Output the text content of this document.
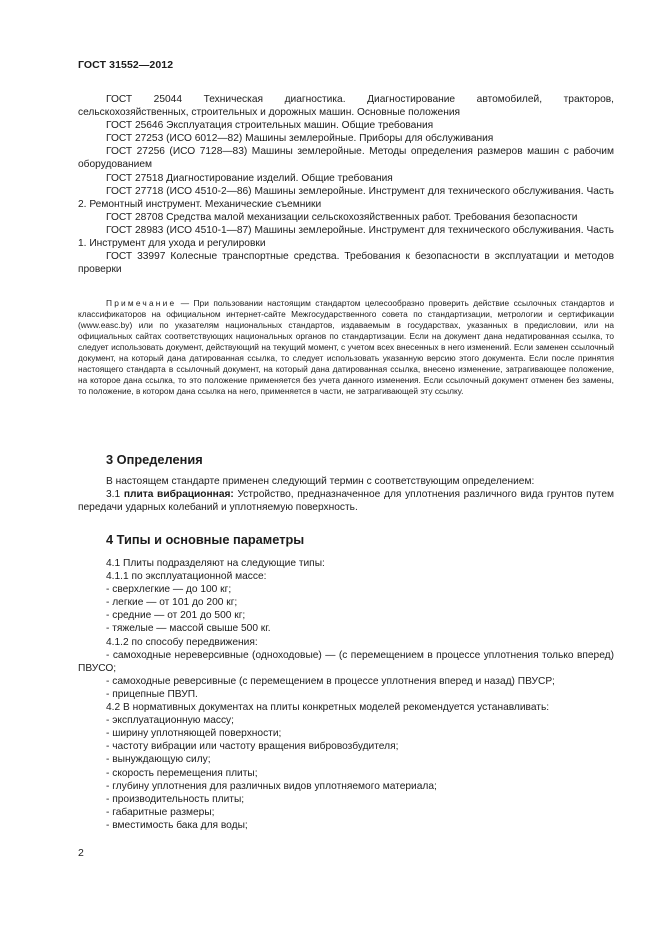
ГОСТ 31552—2012

ГОСТ 25044 Техническая диагностика. Диагностирование автомобилей, тракторов, сельскохозяйственных, строительных и дорожных машин. Основные положения

ГОСТ 25646 Эксплуатация строительных машин. Общие требования

ГОСТ 27253 (ИСО 6012—82) Машины землеройные. Приборы для обслуживания

ГОСТ 27256 (ИСО 7128—83) Машины землеройные. Методы определения размеров машин с рабочим оборудованием

ГОСТ 27518 Диагностирование изделий. Общие требования

ГОСТ 27718 (ИСО 4510-2—86) Машины землеройные. Инструмент для технического обслуживания. Часть 2. Ремонтный инструмент. Механические съемники

ГОСТ 28708 Средства малой механизации сельскохозяйственных работ. Требования безопасности

ГОСТ 28983 (ИСО 4510-1—87) Машины землеройные. Инструмент для технического обслуживания. Часть 1. Инструмент для ухода и регулировки

ГОСТ 33997 Колесные транспортные средства. Требования к безопасности в эксплуатации и методов проверки

Примечание — При пользовании настоящим стандартом целесообразно проверить действие ссылочных стандартов и классификаторов на официальном интернет-сайте Межгосударственного совета по стандартизации, метрологии и сертификации (www.easc.by) или по указателям национальных стандартов, издаваемым в государствах, указанных в предисловии, или на официальных сайтах соответствующих национальных органов по стандартизации. Если на документ дана недатированная ссылка, то следует использовать документ, действующий на текущий момент, с учетом всех внесенных в него изменений. Если заменен ссылочный документ, на который дана датированная ссылка, то следует использовать указанную версию этого документа. Если после принятия настоящего стандарта в ссылочный документ, на который дана датированная ссылка, внесено изменение, затрагивающее положение, на которое дана ссылка, то это положение применяется без учета данного изменения. Если ссылочный документ отменен без замены, то положение, в котором дана ссылка на него, применяется в части, не затрагивающей эту ссылку.

3 Определения

В настоящем стандарте применен следующий термин с соответствующим определением:

3.1 плита вибрационная: Устройство, предназначенное для уплотнения различного вида грунтов путем передачи ударных колебаний и уплотняемую поверхность.

4 Типы и основные параметры

4.1 Плиты подразделяют на следующие типы:

4.1.1 по эксплуатационной массе:

- сверхлегкие — до 100 кг;

- легкие — от 101 до 200 кг;

- средние — от 201 до 500 кг;

- тяжелые — массой свыше 500 кг.

4.1.2 по способу передвижения:

- самоходные нереверсивные (одноходовые) — (с перемещением в процессе уплотнения только вперед) ПВУСО;

- самоходные реверсивные (с перемещением в процессе уплотнения вперед и назад) ПВУСР;

- прицепные ПВУП.

4.2 В нормативных документах на плиты конкретных моделей рекомендуется устанавливать:

- эксплуатационную массу;

- ширину уплотняющей поверхности;

- частоту вибрации или частоту вращения вибровозбудителя;

- вынуждающую силу;

- скорость перемещения плиты;

- глубину уплотнения для различных видов уплотняемого материала;

- производительность плиты;

- габаритные размеры;

- вместимость бака для воды;

2
